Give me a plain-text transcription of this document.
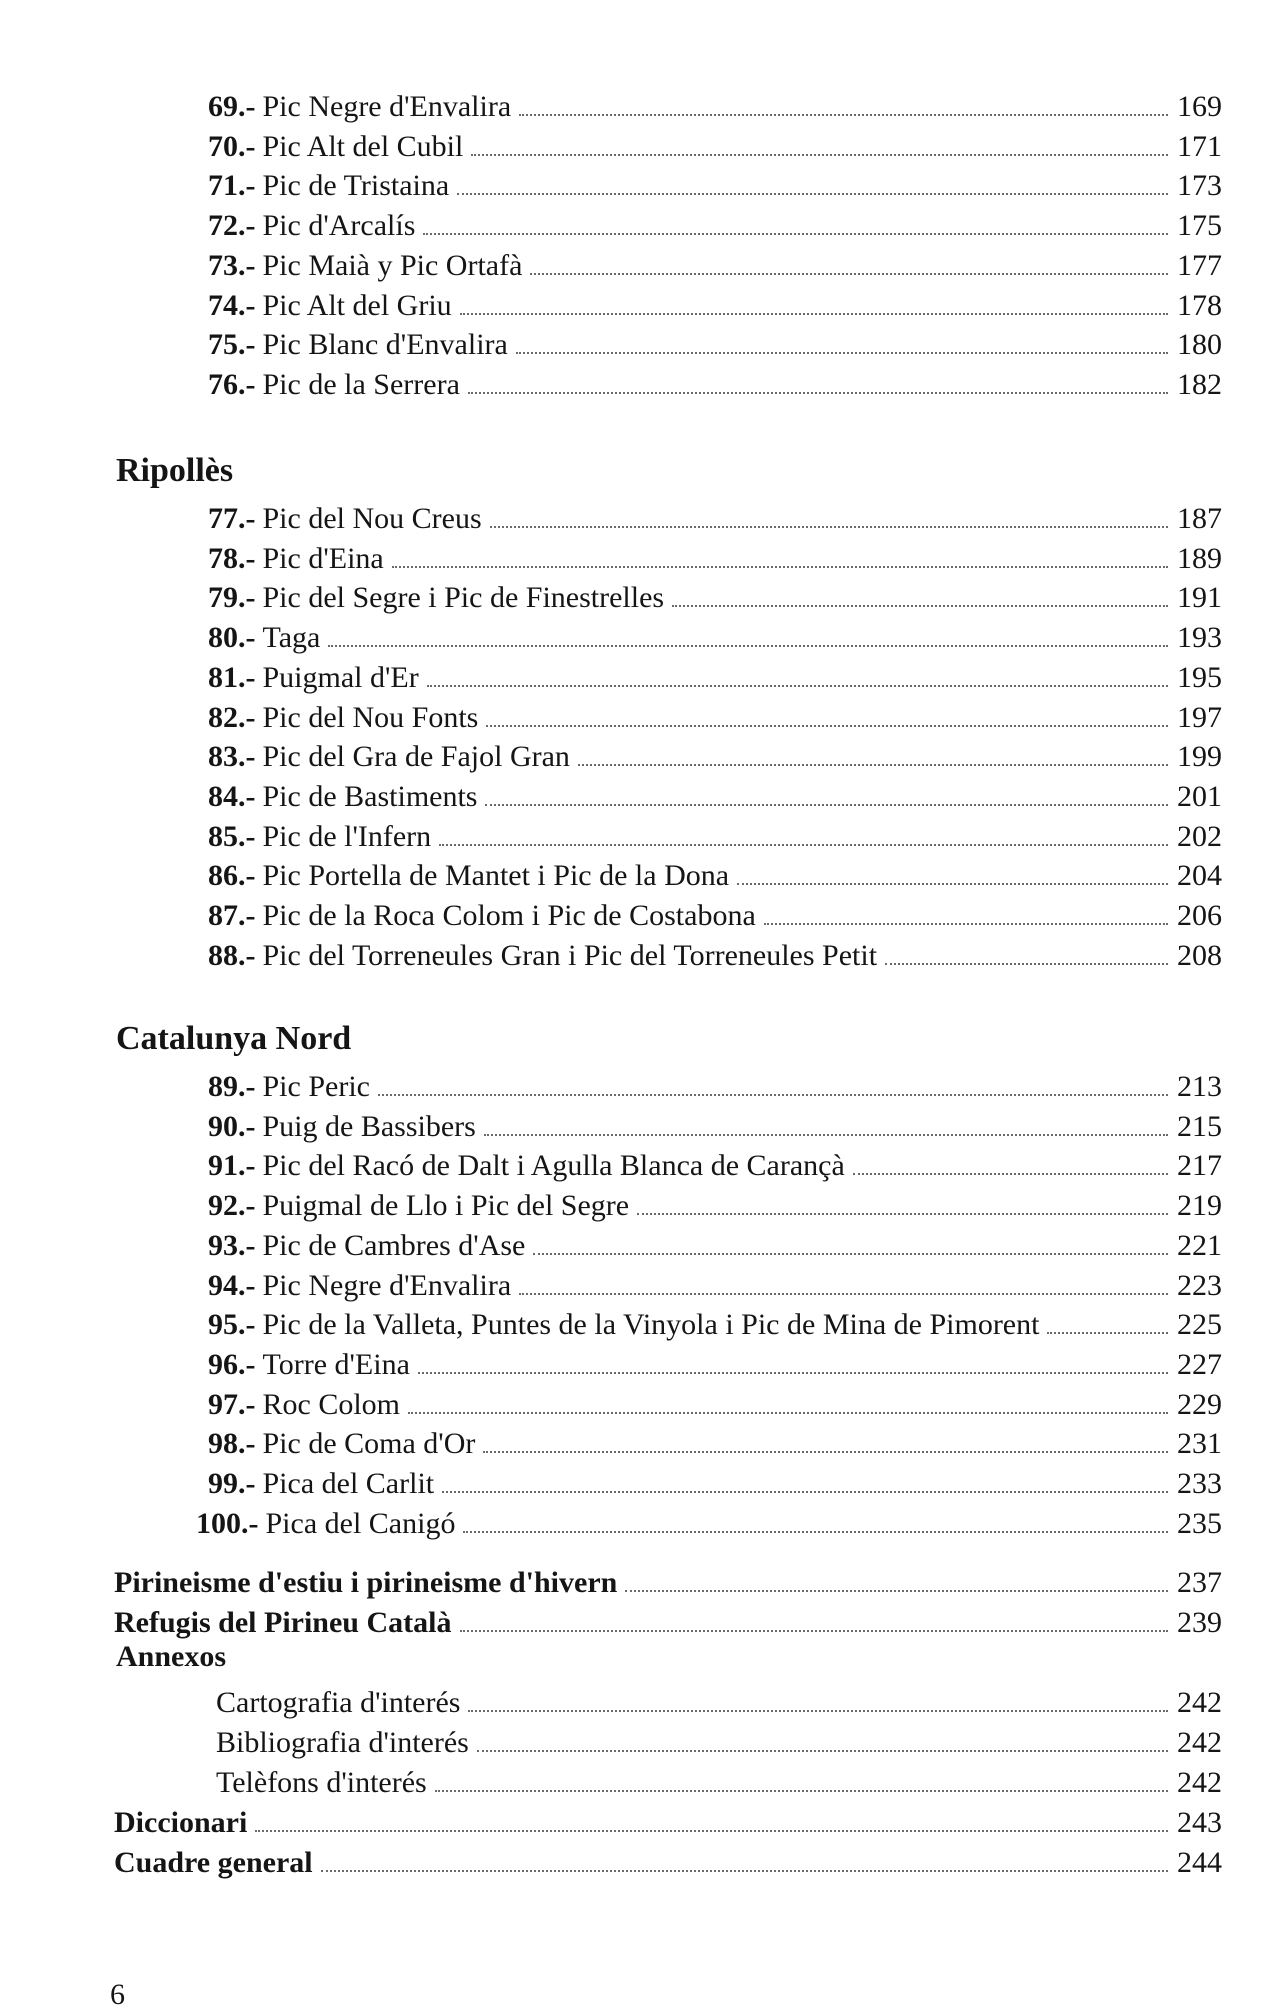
69.- Pic Negre d'Envalira	169
70.- Pic Alt del Cubil	171
71.- Pic de Tristaina	173
72.- Pic d'Arcalís	175
73.- Pic Maià y Pic Ortafà	177
74.- Pic Alt del Griu	178
75.- Pic Blanc d'Envalira	180
76.- Pic de la Serrera	182
Ripollès
77.- Pic del Nou Creus	187
78.- Pic d'Eina	189
79.- Pic del Segre i Pic de Finestrelles	191
80.- Taga	193
81.- Puigmal d'Er	195
82.- Pic del Nou Fonts	197
83.- Pic del Gra de Fajol Gran	199
84.- Pic de Bastiments	201
85.- Pic de l'Infern	202
86.- Pic Portella de Mantet i Pic de la Dona	204
87.- Pic de la Roca Colom i Pic de Costabona	206
88.- Pic del Torreneules Gran i Pic del Torreneules Petit	208
Catalunya Nord
89.- Pic Peric	213
90.- Puig de Bassibers	215
91.- Pic del Racó de Dalt i Agulla Blanca de Carançà	217
92.- Puigmal de Llo i Pic del Segre	219
93.- Pic de Cambres d'Ase	221
94.- Pic Negre d'Envalira	223
95.- Pic de la Valleta, Puntes de la Vinyola i Pic de Mina de Pimorent	225
96.- Torre d'Eina	227
97.- Roc Colom	229
98.- Pic de Coma d'Or	231
99.- Pica del Carlit	233
100.- Pica del Canigó	235
Pirineisme d'estiu i pirineisme d'hivern	237
Refugis del Pirineu Català	239
Annexos
Cartografia d'interés	242
Bibliografia d'interés	242
Telèfons d'interés	242
Diccionari	243
Cuadre general	244
6
